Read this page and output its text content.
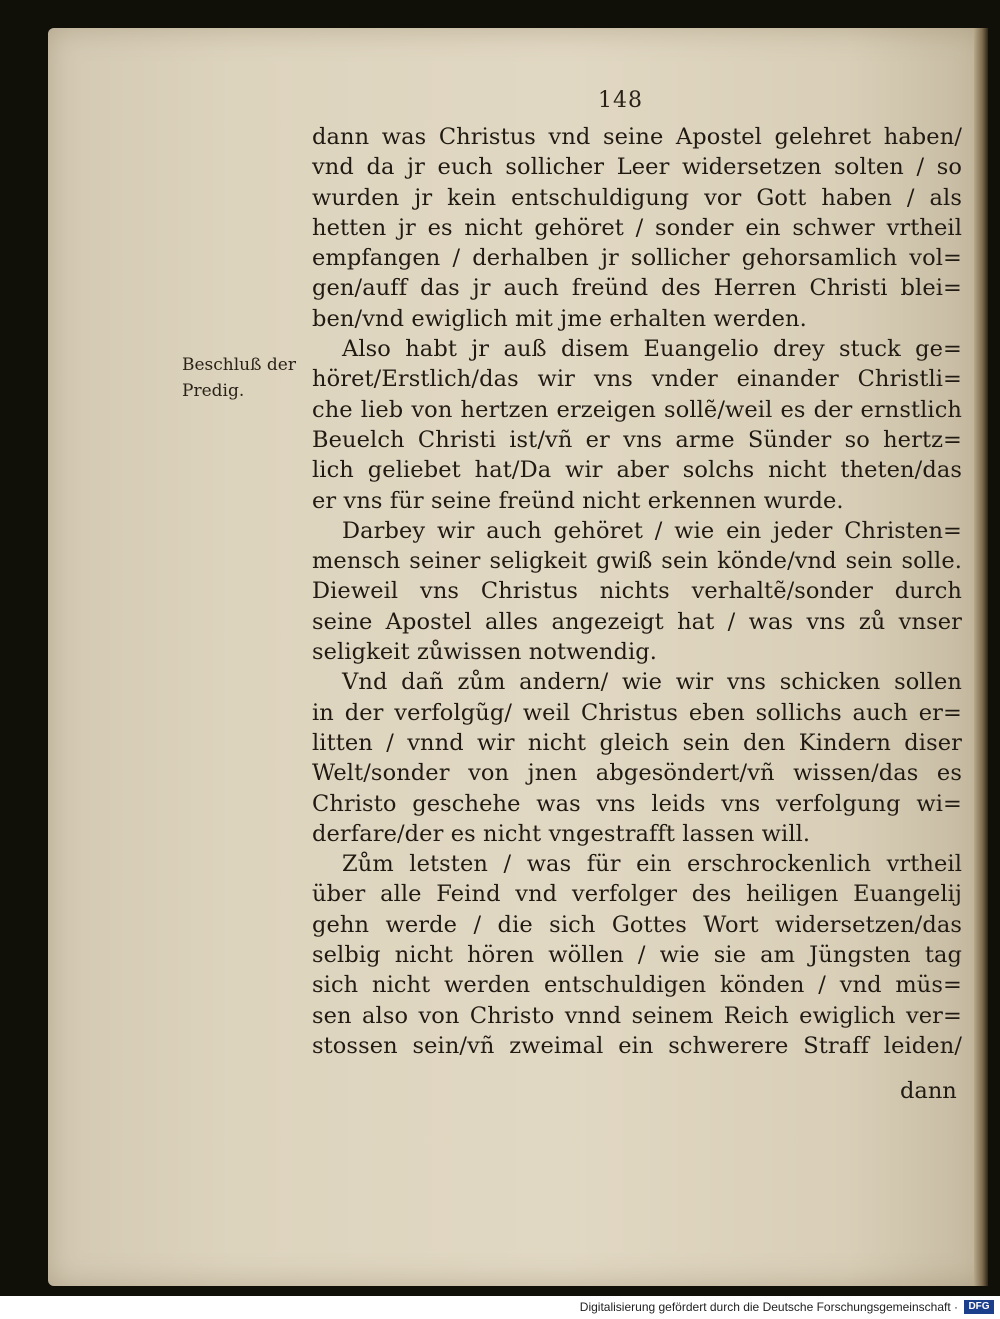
148
Beschluß der
Predig.
dann was Christus vnd seine Apostel gelehret haben/
vnd da jr euch sollicher Leer widersetzen solten / so
wurden jr kein entschuldigung vor Gott haben / als
hetten jr es nicht gehöret / sonder ein schwer vrtheil
empfangen / derhalben jr sollicher gehorsamlich vol=
gen/auff das jr auch freünd des Herren Christi blei=
ben/vnd ewiglich mit jme erhalten werden.
Also habt jr auß disem Euangelio drey stuck ge=
höret/Erstlich/das wir vns vnder einander Christli=
che lieb von hertzen erzeigen sollẽ/weil es der ernstlich
Beuelch Christi ist/vñ er vns arme Sünder so hertz=
lich geliebet hat/Da wir aber solchs nicht theten/das
er vns für seine freünd nicht erkennen wurde.
Darbey wir auch gehöret / wie ein jeder Christen=
mensch seiner seligkeit gwiß sein könde/vnd sein solle.
Dieweil vns Christus nichts verhaltẽ/sonder durch
seine Apostel alles angezeigt hat / was vns zů vnser
seligkeit zůwissen notwendig.
Vnd dañ zům andern/ wie wir vns schicken sollen
in der verfolgũg/ weil Christus eben sollichs auch er=
litten / vnnd wir nicht gleich sein den Kindern diser
Welt/sonder von jnen abgesöndert/vñ wissen/das es
Christo geschehe was vns leids vns verfolgung wi=
derfare/der es nicht vngestrafft lassen will.
Zům letsten / was für ein erschrockenlich vrtheil
über alle Feind vnd verfolger des heiligen Euangelij
gehn werde / die sich Gottes Wort widersetzen/das
selbig nicht hören wöllen / wie sie am Jüngsten tag
sich nicht werden entschuldigen könden / vnd müs=
sen also von Christo vnnd seinem Reich ewiglich ver=
stossen sein/vñ zweimal ein schwerere Straff leiden/
dann
Digitalisierung gefördert durch die Deutsche Forschungsgemeinschaft ·	DFG
